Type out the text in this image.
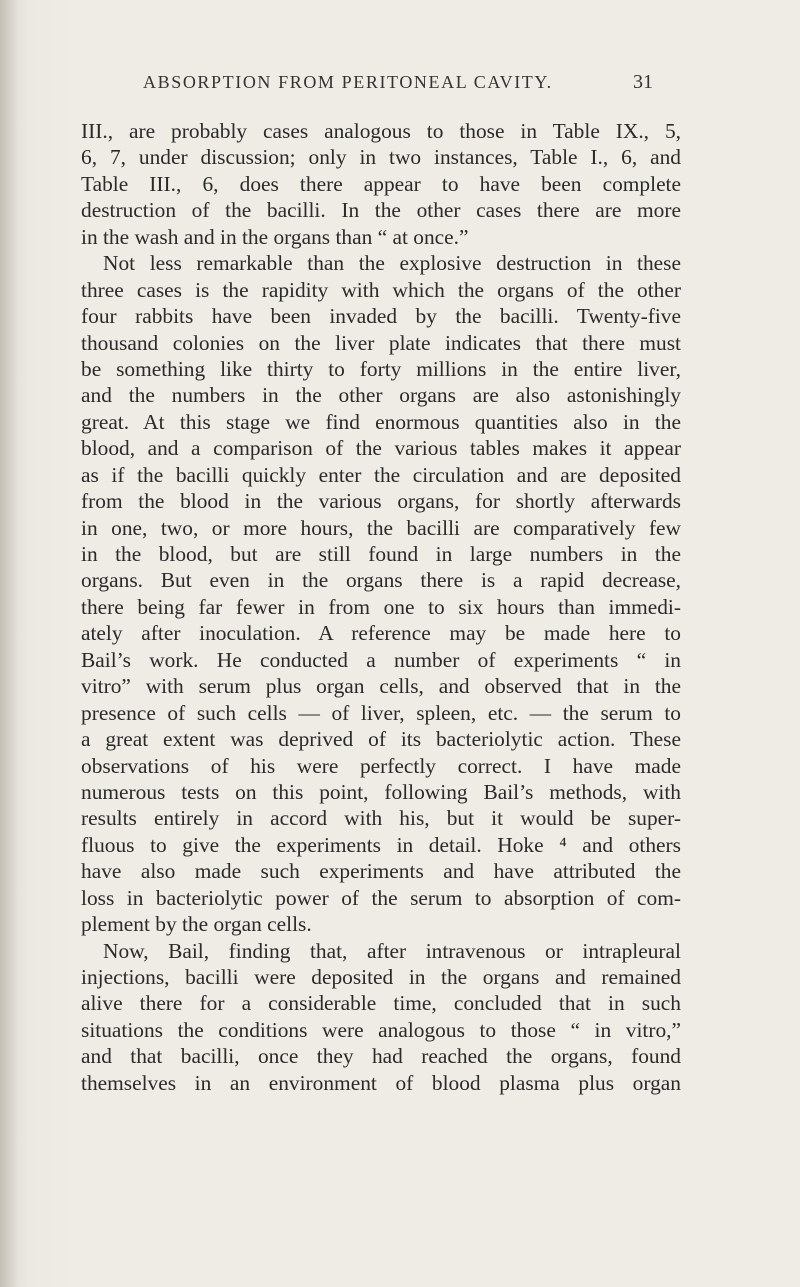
ABSORPTION FROM PERITONEAL CAVITY.	31
III., are probably cases analogous to those in Table IX., 5,
6, 7, under discussion; only in two instances, Table I., 6, and
Table III., 6, does there appear to have been complete
destruction of the bacilli. In the other cases there are more
in the wash and in the organs than “ at once.”
Not less remarkable than the explosive destruction in these
three cases is the rapidity with which the organs of the other
four rabbits have been invaded by the bacilli. Twenty-five
thousand colonies on the liver plate indicates that there must
be something like thirty to forty millions in the entire liver,
and the numbers in the other organs are also astonishingly
great. At this stage we find enormous quantities also in the
blood, and a comparison of the various tables makes it appear
as if the bacilli quickly enter the circulation and are deposited
from the blood in the various organs, for shortly afterwards
in one, two, or more hours, the bacilli are comparatively few
in the blood, but are still found in large numbers in the
organs. But even in the organs there is a rapid decrease,
there being far fewer in from one to six hours than immedi-
ately after inoculation. A reference may be made here to
Bail’s work. He conducted a number of experiments “ in
vitro” with serum plus organ cells, and observed that in the
presence of such cells — of liver, spleen, etc. — the serum to
a great extent was deprived of its bacteriolytic action. These
observations of his were perfectly correct. I have made
numerous tests on this point, following Bail’s methods, with
results entirely in accord with his, but it would be super-
fluous to give the experiments in detail. Hoke ⁴ and others
have also made such experiments and have attributed the
loss in bacteriolytic power of the serum to absorption of com-
plement by the organ cells.
Now, Bail, finding that, after intravenous or intrapleural
injections, bacilli were deposited in the organs and remained
alive there for a considerable time, concluded that in such
situations the conditions were analogous to those “ in vitro,”
and that bacilli, once they had reached the organs, found
themselves in an environment of blood plasma plus organ
